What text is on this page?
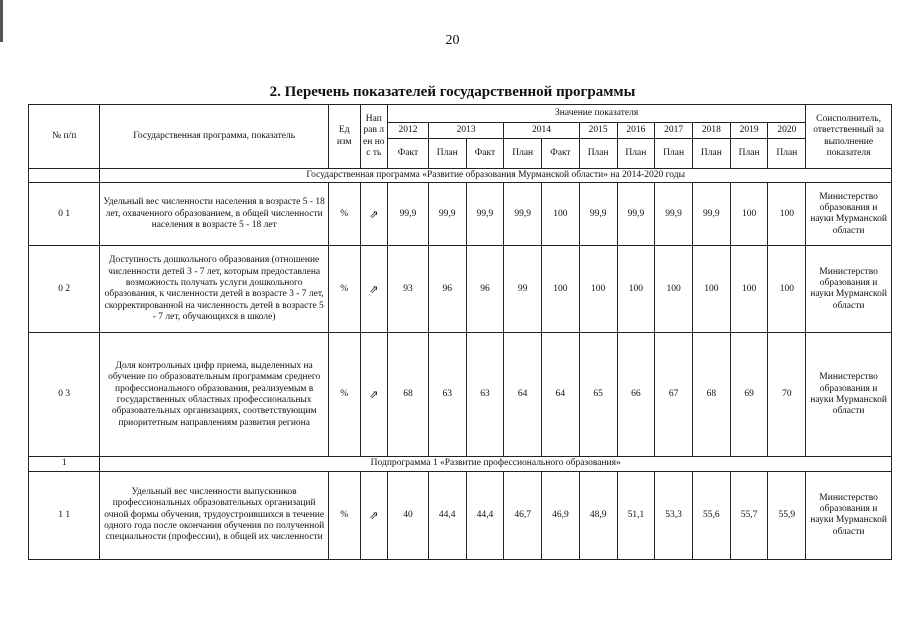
20
2. Перечень показателей государственной программы
№ п/п	Государственная программа, показатель	Ед изм	Нап рав лен нос ть	Значение показателя											Соисполнитель, ответственный за выполнение показателя
				2012	2013		2014		2015	2016	2017	2018	2019	2020	
				Факт	План	Факт	План	Факт	План	План	План	План	План	План	
	Государственная программа «Развитие образования Мурманской области» на 2014-2020 годы														
0 1	Удельный вес численности населения в возрасте 5 - 18 лет, охваченного образованием, в общей численности населения в возрасте 5 - 18 лет	%	⇗	99,9	99,9	99,9	99,9	100	99,9	99,9	99,9	99,9	100	100	Министерство образования и науки Мурманской области
0 2	Доступность дошкольного образования (отношение численности детей 3 - 7 лет, которым предоставлена возможность получать услуги дошкольного образования, к численности детей в возрасте 3 - 7 лет, скорректированной на численность детей в возрасте 5 - 7 лет, обучающихся в школе)	%	⇗	93	96	96	99	100	100	100	100	100	100	100	Министерство образования и науки Мурманской области
0 3	Доля контрольных цифр приема, выделенных на обучение по образовательным программам среднего профессионального образования, реализуемым в государственных областных профессиональных образовательных организациях, соответствующим приоритетным направлениям развития региона	%	⇗	68	63	63	64	64	65	66	67	68	69	70	Министерство образования и науки Мурманской области
1	Подпрограмма 1 «Развитие профессионального образования»														
1 1	Удельный вес численности выпускников профессиональных образовательных организаций очной формы обучения, трудоустроившихся в течение одного года после окончания обучения по полученной специальности (профессии), в общей их численности	%	⇗	40	44,4	44,4	46,7	46,9	48,9	51,1	53,3	55,6	55,7	55,9	Министерство образования и науки Мурманской области
